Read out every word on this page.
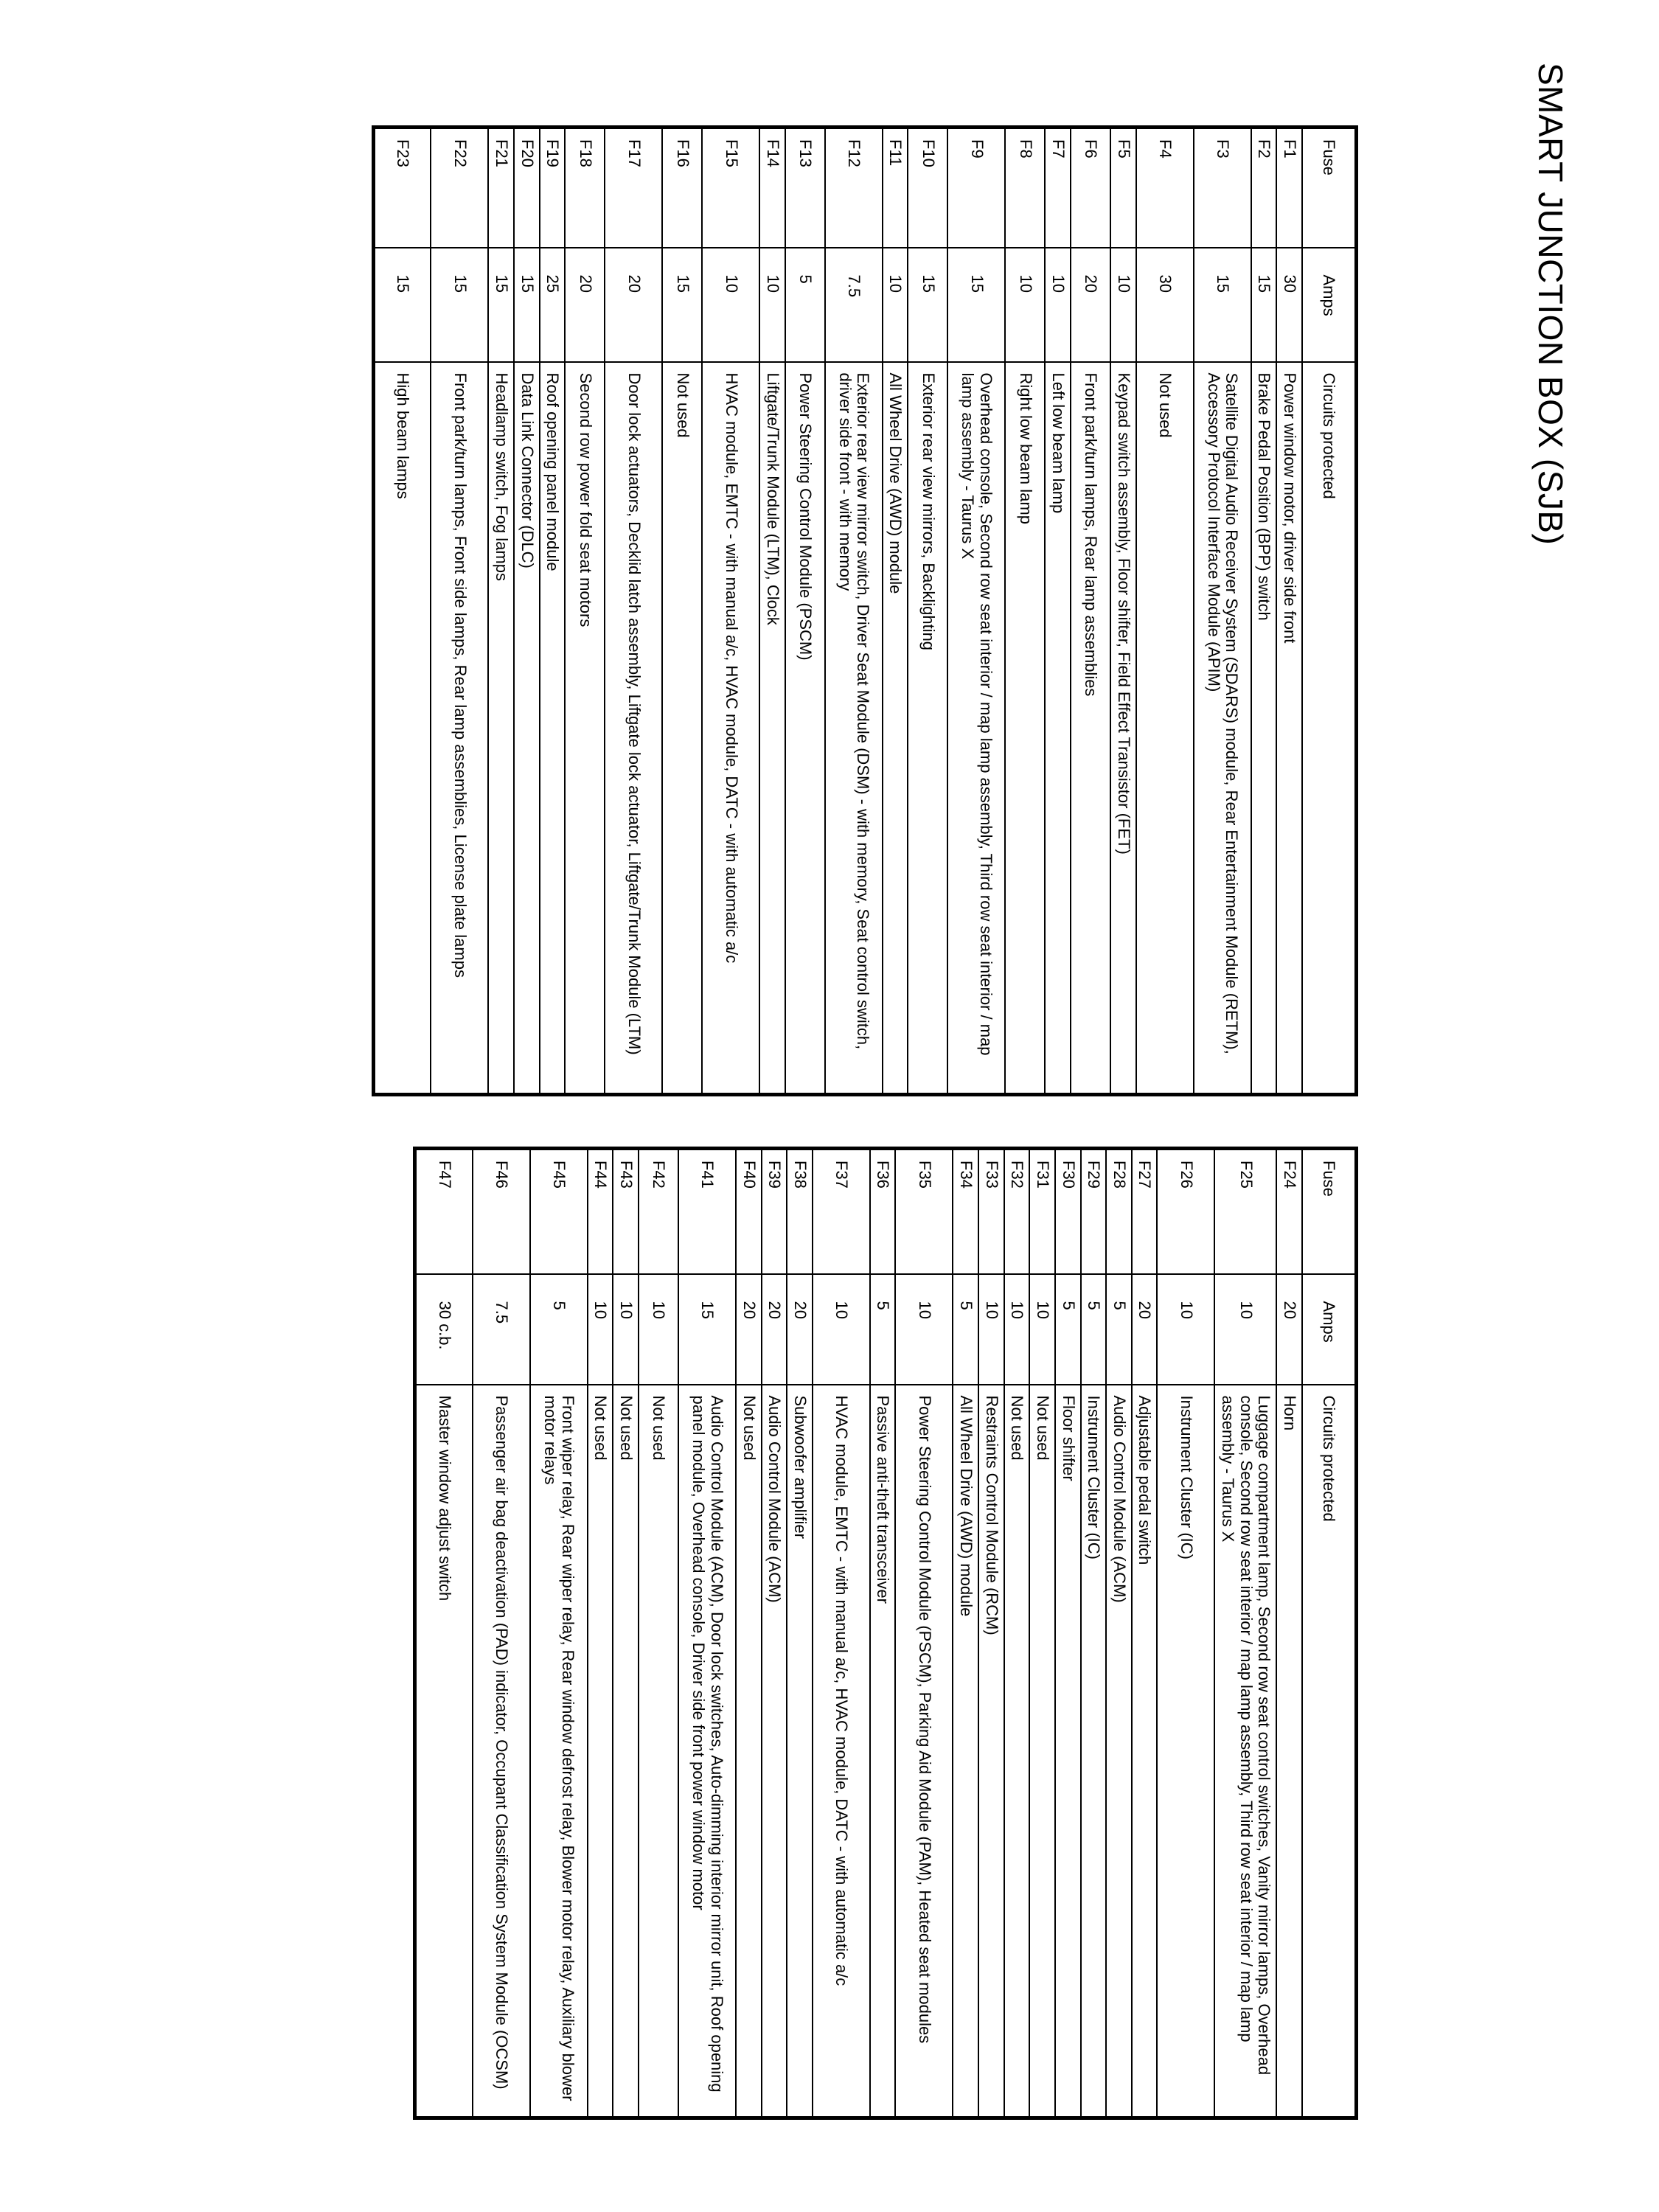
SMART JUNCTION BOX (SJB)
Fuse	Amps	Circuits protected
F1	30	Power window motor, driver side front
F2	15	Brake Pedal Position (BPP) switch
F3	15	Satellite Digital Audio Receiver System (SDARS) module, Rear Entertainment Module (RETM), Accessory Protocol Interface Module (APIM)
F4	30	Not used
F5	10	Keypad switch assembly, Floor shifter, Field Effect Transistor (FET)
F6	20	Front park/turn lamps, Rear lamp assemblies
F7	10	Left low beam lamp
F8	10	Right low beam lamp
F9	15	Overhead console, Second row seat interior / map lamp assembly, Third row seat interior / map lamp assembly - Taurus X
F10	15	Exterior rear view mirrors, Backlighting
F11	10	All Wheel Drive (AWD) module
F12	7.5	Exterior rear view mirror switch, Driver Seat Module (DSM) - with memory, Seat control switch, driver side front - with memory
F13	5	Power Steering Control Module (PSCM)
F14	10	Liftgate/Trunk Module (LTM), Clock
F15	10	HVAC module, EMTC - with manual a/c, HVAC module, DATC - with automatic a/c
F16	15	Not used
F17	20	Door lock actuators, Decklid latch assembly, Liftgate lock actuator, Liftgate/Trunk Module (LTM)
F18	20	Second row power fold seat motors
F19	25	Roof opening panel module
F20	15	Data Link Connector (DLC)
F21	15	Headlamp switch, Fog lamps
F22	15	Front park/turn lamps, Front side lamps, Rear lamp assemblies, License plate lamps
F23	15	High beam lamps
Fuse	Amps	Circuits protected
F24	20	Horn
F25	10	Luggage compartment lamp, Second row seat control switches, Vanity mirror lamps, Overhead console, Second row seat interior / map lamp assembly, Third row seat interior / map lamp assembly - Taurus X
F26	10	Instrument Cluster (IC)
F27	20	Adjustable pedal switch
F28	5	Audio Control Module (ACM)
F29	5	Instrument Cluster (IC)
F30	5	Floor shifter
F31	10	Not used
F32	10	Not used
F33	10	Restraints Control Module (RCM)
F34	5	All Wheel Drive (AWD) module
F35	10	Power Steering Control Module (PSCM), Parking Aid Module (PAM), Heated seat modules
F36	5	Passive anti-theft transceiver
F37	10	HVAC module, EMTC - with manual a/c, HVAC module, DATC - with automatic a/c
F38	20	Subwoofer amplifier
F39	20	Audio Control Module (ACM)
F40	20	Not used
F41	15	Audio Control Module (ACM), Door lock switches, Auto-dimming interior mirror unit, Roof opening panel module, Overhead console, Driver side front power window motor
F42	10	Not used
F43	10	Not used
F44	10	Not used
F45	5	Front wiper relay, Rear wiper relay, Rear window defrost relay, Blower motor relay, Auxiliary blower motor relays
F46	7.5	Passenger air bag deactivation (PAD) indicator, Occupant Classification System Module (OCSM)
F47	30 c.b.	Master window adjust switch
